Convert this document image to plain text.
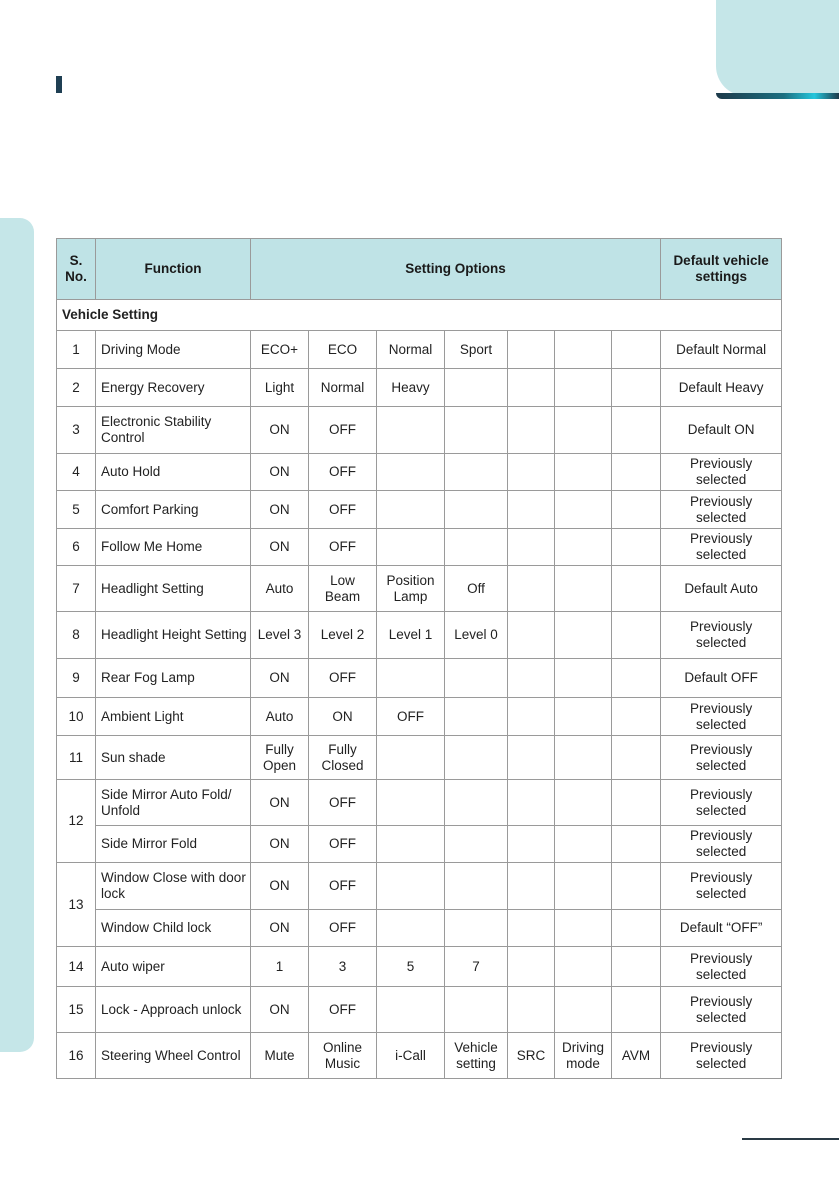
S. No.	Function	Setting Options							Default vehicle settings
Vehicle Setting									
1	Driving Mode	ECO+	ECO	Normal	Sport				Default Normal
2	Energy Recovery	Light	Normal	Heavy					Default Heavy
3	Electronic Stability Control	ON	OFF						Default ON
4	Auto Hold	ON	OFF						Previously selected
5	Comfort Parking	ON	OFF						Previously selected
6	Follow Me Home	ON	OFF						Previously selected
7	Headlight Setting	Auto	Low Beam	Position Lamp	Off				Default Auto
8	Headlight Height Setting	Level 3	Level 2	Level 1	Level 0				Previously selected
9	Rear Fog Lamp	ON	OFF						Default OFF
10	Ambient Light	Auto	ON	OFF					Previously selected
11	Sun shade	Fully Open	Fully Closed						Previously selected
12	Side Mirror Auto Fold/ Unfold	ON	OFF						Previously selected
	Side Mirror Fold	ON	OFF						Previously selected
13	Window Close with door lock	ON	OFF						Previously selected
	Window Child lock	ON	OFF						Default “OFF”
14	Auto wiper	1	3	5	7				Previously selected
15	Lock - Approach unlock	ON	OFF						Previously selected
16	Steering Wheel Control	Mute	Online Music	i-Call	Vehicle setting	SRC	Driving mode	AVM	Previously selected
